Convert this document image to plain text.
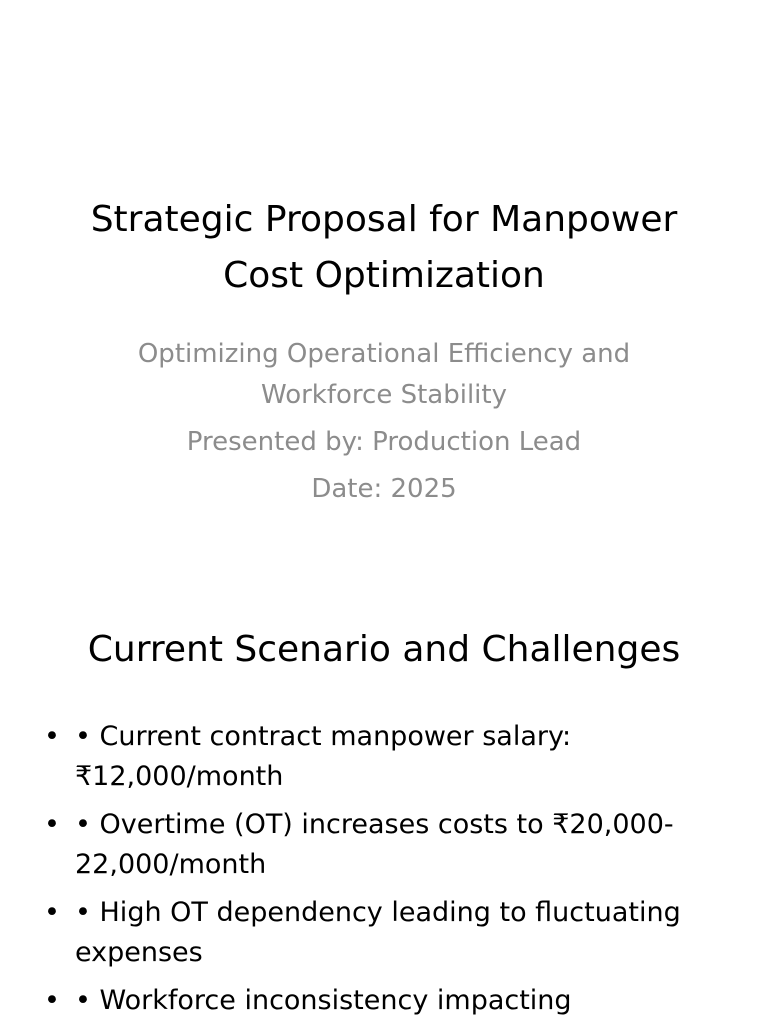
Strategic Proposal for Manpower
Cost Optimization
Optimizing Operational Efficiency and
Workforce Stability
Presented by: Production Lead
Date: 2025
Current Scenario and Challenges
• • Current contract manpower salary:
₹12,000/month
• • Overtime (OT) increases costs to ₹20,000-
22,000/month
• • High OT dependency leading to fluctuating
expenses
• • Workforce inconsistency impacting
